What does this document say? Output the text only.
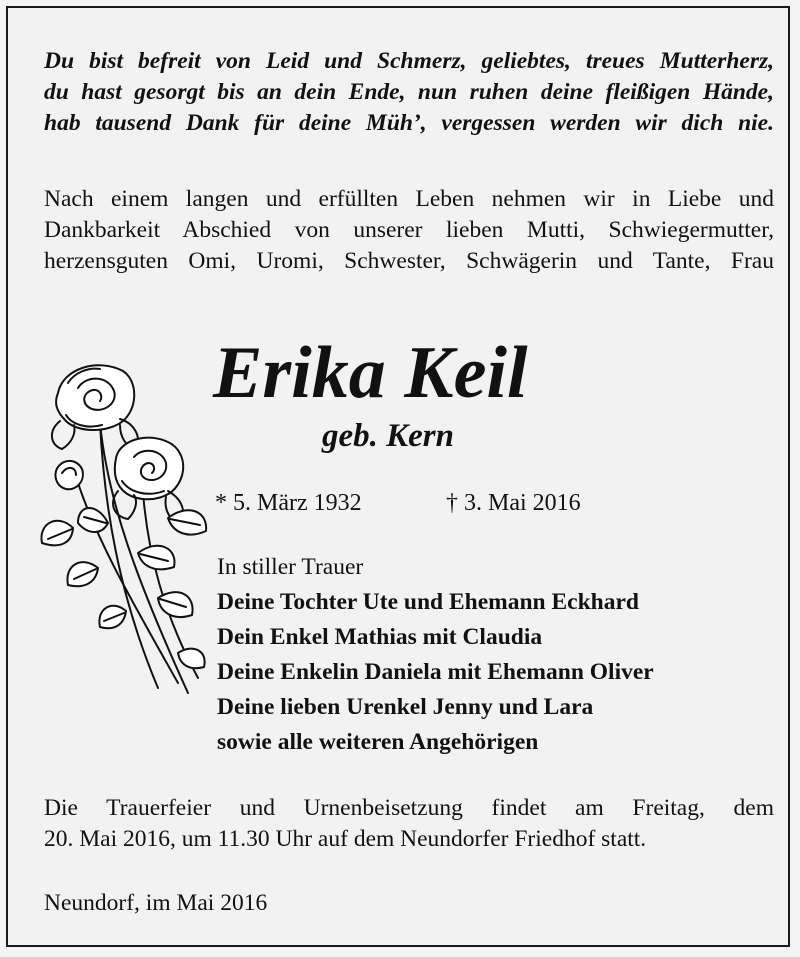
Du bist befreit von Leid und Schmerz, geliebtes, treues Mutterherz,
du hast gesorgt bis an dein Ende, nun ruhen deine fleißigen Hände,
hab tausend Dank für deine Müh’, vergessen werden wir dich nie.
Nach einem langen und erfüllten Leben nehmen wir in Liebe und
Dankbarkeit Abschied von unserer lieben Mutti, Schwiegermutter,
herzensguten Omi, Uromi, Schwester, Schwägerin und Tante, Frau
Erika Keil
geb. Kern
* 5. März 1932	† 3. Mai 2016
In stiller Trauer
Deine Tochter Ute und Ehemann Eckhard
Dein Enkel Mathias mit Claudia
Deine Enkelin Daniela mit Ehemann Oliver
Deine lieben Urenkel Jenny und Lara
sowie alle weiteren Angehörigen
Die Trauerfeier und Urnenbeisetzung findet am Freitag, dem
20. Mai 2016, um 11.30 Uhr auf dem Neundorfer Friedhof statt.
Neundorf, im Mai 2016
